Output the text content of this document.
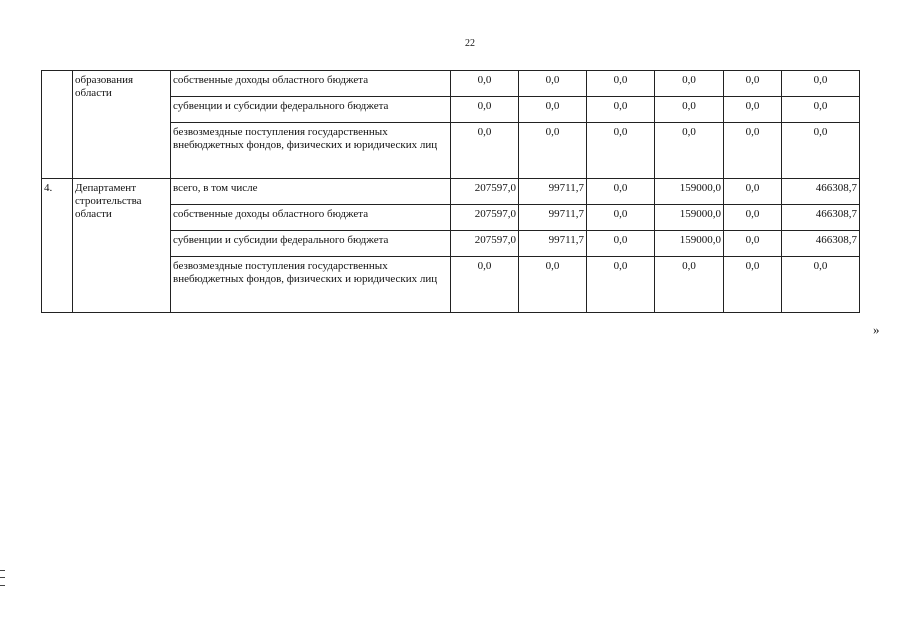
22
	образования области	собственные доходы областного бюджета	0,0	0,0	0,0	0,0	0,0	0,0
		субвенции и субсидии федерального бюджета	0,0	0,0	0,0	0,0	0,0	0,0
		безвозмездные поступления государственных внебюджетных фондов, физических и юридических лиц	0,0	0,0	0,0	0,0	0,0	0,0
4.	Департамент строительства области	всего, в том числе	207597,0	99711,7	0,0	159000,0	0,0	466308,7
		собственные доходы областного бюджета	207597,0	99711,7	0,0	159000,0	0,0	466308,7
		субвенции и субсидии федерального бюджета	207597,0	99711,7	0,0	159000,0	0,0	466308,7
		безвозмездные поступления государственных внебюджетных фондов, физических и юридических лиц	0,0	0,0	0,0	0,0	0,0	0,0
»
